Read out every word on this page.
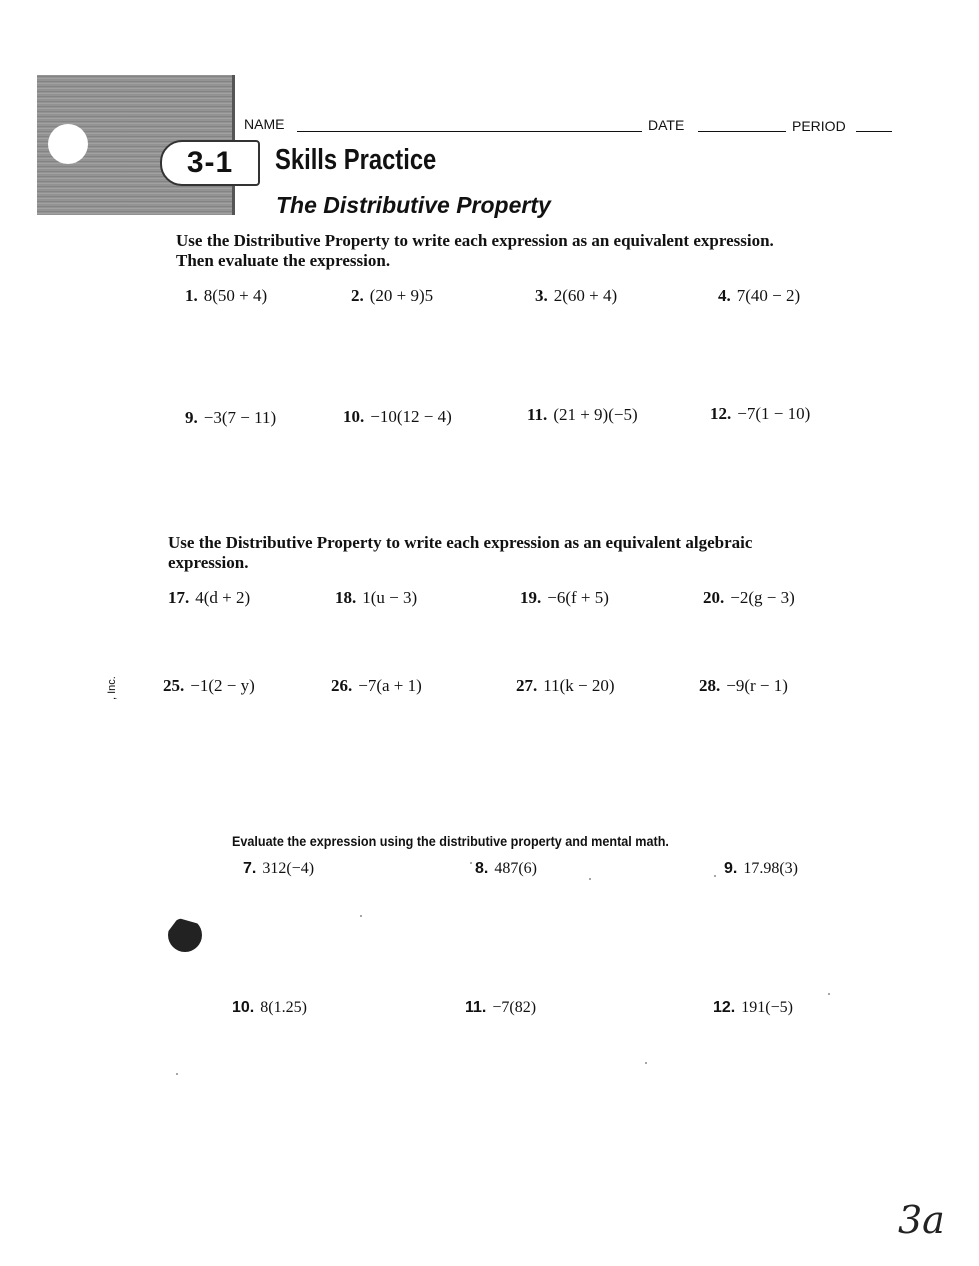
3-1 Skills Practice
The Distributive Property
NAME	DATE	PERIOD
Use the Distributive Property to write each expression as an equivalent expression.
Then evaluate the expression.
1. 8(50 + 4)	2. (20 + 9)5	3. 2(60 + 4)	4. 7(40 − 2)
9. −3(7 − 11)	10. −10(12 − 4)	11. (21 + 9)(−5)	12. −7(1 − 10)
Use the Distributive Property to write each expression as an equivalent algebraic
expression.
17. 4(d + 2)	18. 1(u − 3)	19. −6(f + 5)	20. −2(g − 3)
25. −1(2 − y)	26. −7(a + 1)	27. 11(k − 20)	28. −9(r − 1)
Evaluate the expression using the distributive property and mental math.
7. 312(−4)	8. 487(6)	9. 17.98(3)
10. 8(1.25)	11. −7(82)	12. 191(−5)
, Inc.
3a
